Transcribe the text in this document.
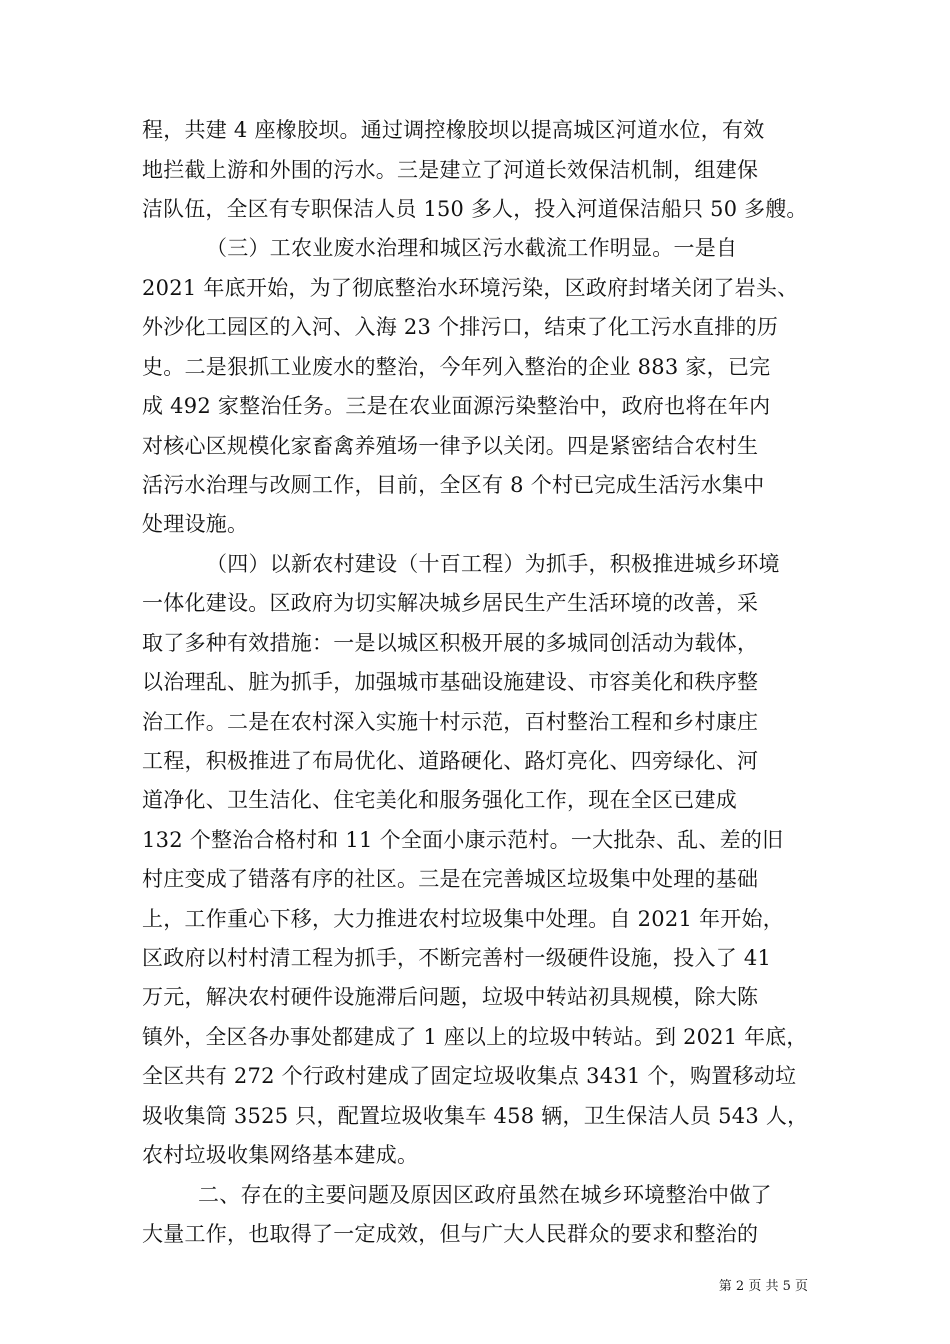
程，共建 4 座橡胶坝。通过调控橡胶坝以提高城区河道水位，有效
地拦截上游和外围的污水。三是建立了河道长效保洁机制，组建保
洁队伍，全区有专职保洁人员 150 多人，投入河道保洁船只 50 多艘。
（三）工农业废水治理和城区污水截流工作明显。一是自
2021 年底开始，为了彻底整治水环境污染，区政府封堵关闭了岩头、
外沙化工园区的入河、入海 23 个排污口，结束了化工污水直排的历
史。二是狠抓工业废水的整治，今年列入整治的企业 883 家，已完
成 492 家整治任务。三是在农业面源污染整治中，政府也将在年内
对核心区规模化家畜禽养殖场一律予以关闭。四是紧密结合农村生
活污水治理与改厕工作，目前，全区有 8 个村已完成生活污水集中
处理设施。
（四）以新农村建设（十百工程）为抓手，积极推进城乡环境
一体化建设。区政府为切实解决城乡居民生产生活环境的改善，采
取了多种有效措施：一是以城区积极开展的多城同创活动为载体，
以治理乱、脏为抓手，加强城市基础设施建设、市容美化和秩序整
治工作。二是在农村深入实施十村示范，百村整治工程和乡村康庄
工程，积极推进了布局优化、道路硬化、路灯亮化、四旁绿化、河
道净化、卫生洁化、住宅美化和服务强化工作，现在全区已建成
132 个整治合格村和 11 个全面小康示范村。一大批杂、乱、差的旧
村庄变成了错落有序的社区。三是在完善城区垃圾集中处理的基础
上，工作重心下移，大力推进农村垃圾集中处理。自 2021 年开始，
区政府以村村清工程为抓手，不断完善村一级硬件设施，投入了 41
万元，解决农村硬件设施滞后问题，垃圾中转站初具规模，除大陈
镇外，全区各办事处都建成了 1 座以上的垃圾中转站。到 2021 年底，
全区共有 272 个行政村建成了固定垃圾收集点 3431 个，购置移动垃
圾收集筒 3525 只，配置垃圾收集车 458 辆，卫生保洁人员 543 人，
农村垃圾收集网络基本建成。
二、存在的主要问题及原因区政府虽然在城乡环境整治中做了
大量工作，也取得了一定成效，但与广大人民群众的要求和整治的
第 2 页 共 5 页
